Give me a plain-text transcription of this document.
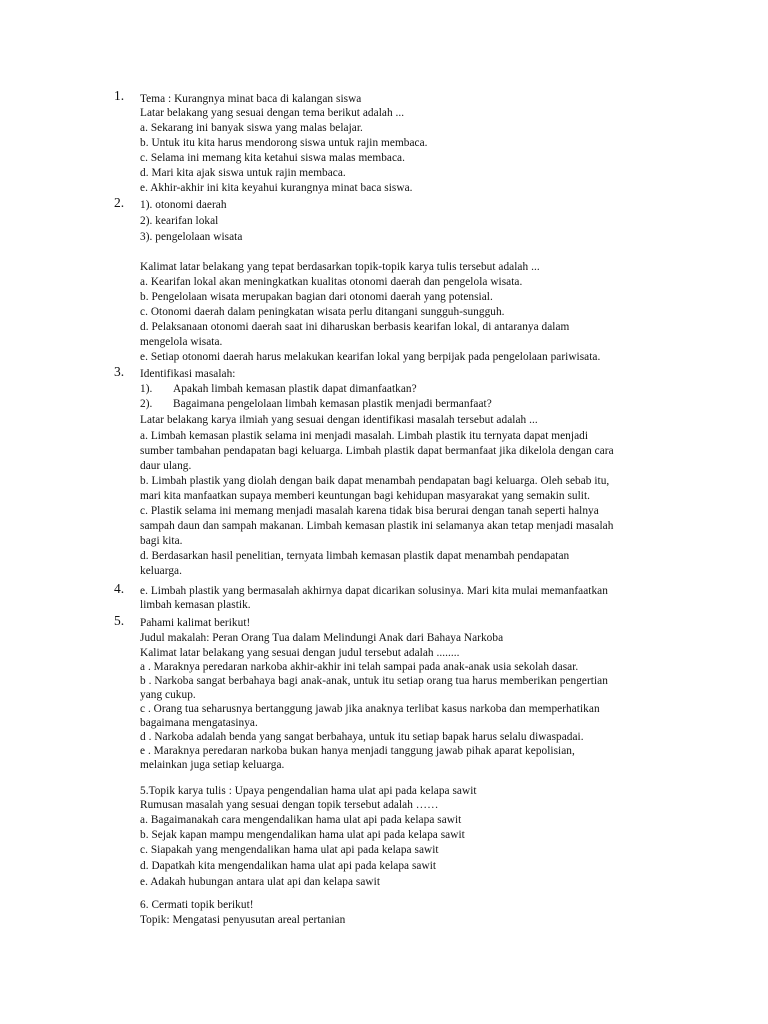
1. Tema : Kurangnya minat baca di kalangan siswa
Latar belakang yang sesuai dengan tema berikut adalah ...
a. Sekarang ini banyak siswa yang malas belajar.
b. Untuk itu kita harus mendorong siswa untuk rajin membaca.
c. Selama ini memang kita ketahui siswa malas membaca.
d. Mari kita ajak siswa untuk rajin membaca.
e. Akhir-akhir ini kita keyahui kurangnya minat baca siswa.
2. 1). otonomi daerah
2). kearifan lokal
3). pengelolaan wisata
Kalimat latar belakang yang tepat berdasarkan topik-topik karya tulis tersebut adalah ...
a. Kearifan lokal akan meningkatkan kualitas otonomi daerah dan pengelola wisata.
b. Pengelolaan wisata merupakan bagian dari otonomi daerah yang potensial.
c. Otonomi daerah dalam peningkatan wisata perlu ditangani sungguh-sungguh.
d. Pelaksanaan otonomi daerah saat ini diharuskan berbasis kearifan lokal, di antaranya dalam
mengelola wisata.
e. Setiap otonomi daerah harus melakukan kearifan lokal yang berpijak pada pengelolaan pariwisata.
3. Identifikasi masalah:
1). Apakah limbah kemasan plastik dapat dimanfaatkan?
2). Bagaimana pengelolaan limbah kemasan plastik menjadi bermanfaat?
Latar belakang karya ilmiah yang sesuai dengan identifikasi masalah tersebut adalah ...
a. Limbah kemasan plastik selama ini menjadi masalah. Limbah plastik itu ternyata dapat menjadi
sumber tambahan pendapatan bagi keluarga. Limbah plastik dapat bermanfaat jika dikelola dengan cara
daur ulang.
b. Limbah plastik yang diolah dengan baik dapat menambah pendapatan bagi keluarga. Oleh sebab itu,
mari kita manfaatkan supaya memberi keuntungan bagi kehidupan masyarakat yang semakin sulit.
c. Plastik selama ini memang menjadi masalah karena tidak bisa berurai dengan tanah seperti halnya
sampah daun dan sampah makanan. Limbah kemasan plastik ini selamanya akan tetap menjadi masalah
bagi kita.
d. Berdasarkan hasil penelitian, ternyata limbah kemasan plastik dapat menambah pendapatan
keluarga.
4. e. Limbah plastik yang bermasalah akhirnya dapat dicarikan solusinya. Mari kita mulai memanfaatkan
limbah kemasan plastik.
5. Pahami kalimat berikut!
Judul makalah: Peran Orang Tua dalam Melindungi Anak dari Bahaya Narkoba
Kalimat latar belakang yang sesuai dengan judul tersebut adalah ........
a . Maraknya peredaran narkoba akhir-akhir ini telah sampai pada anak-anak usia sekolah dasar.
b . Narkoba sangat berbahaya bagi anak-anak, untuk itu setiap orang tua harus memberikan pengertian
yang cukup.
c . Orang tua seharusnya bertanggung jawab jika anaknya terlibat kasus narkoba dan memperhatikan
bagaimana mengatasinya.
d . Narkoba adalah benda yang sangat berbahaya, untuk itu setiap bapak harus selalu diwaspadai.
e . Maraknya peredaran narkoba bukan hanya menjadi tanggung jawab pihak aparat kepolisian,
melainkan juga setiap keluarga.
5.Topik karya tulis : Upaya pengendalian hama ulat api pada kelapa sawit
Rumusan masalah yang sesuai dengan topik tersebut adalah ……
a. Bagaimanakah cara mengendalikan hama ulat api pada kelapa sawit
b. Sejak kapan mampu mengendalikan hama ulat api pada kelapa sawit
c. Siapakah yang mengendalikan hama ulat api pada kelapa sawit
d. Dapatkah kita mengendalikan hama ulat api pada kelapa sawit
e. Adakah hubungan antara ulat api dan kelapa sawit
6. Cermati topik berikut!
Topik: Mengatasi penyusutan areal pertanian
